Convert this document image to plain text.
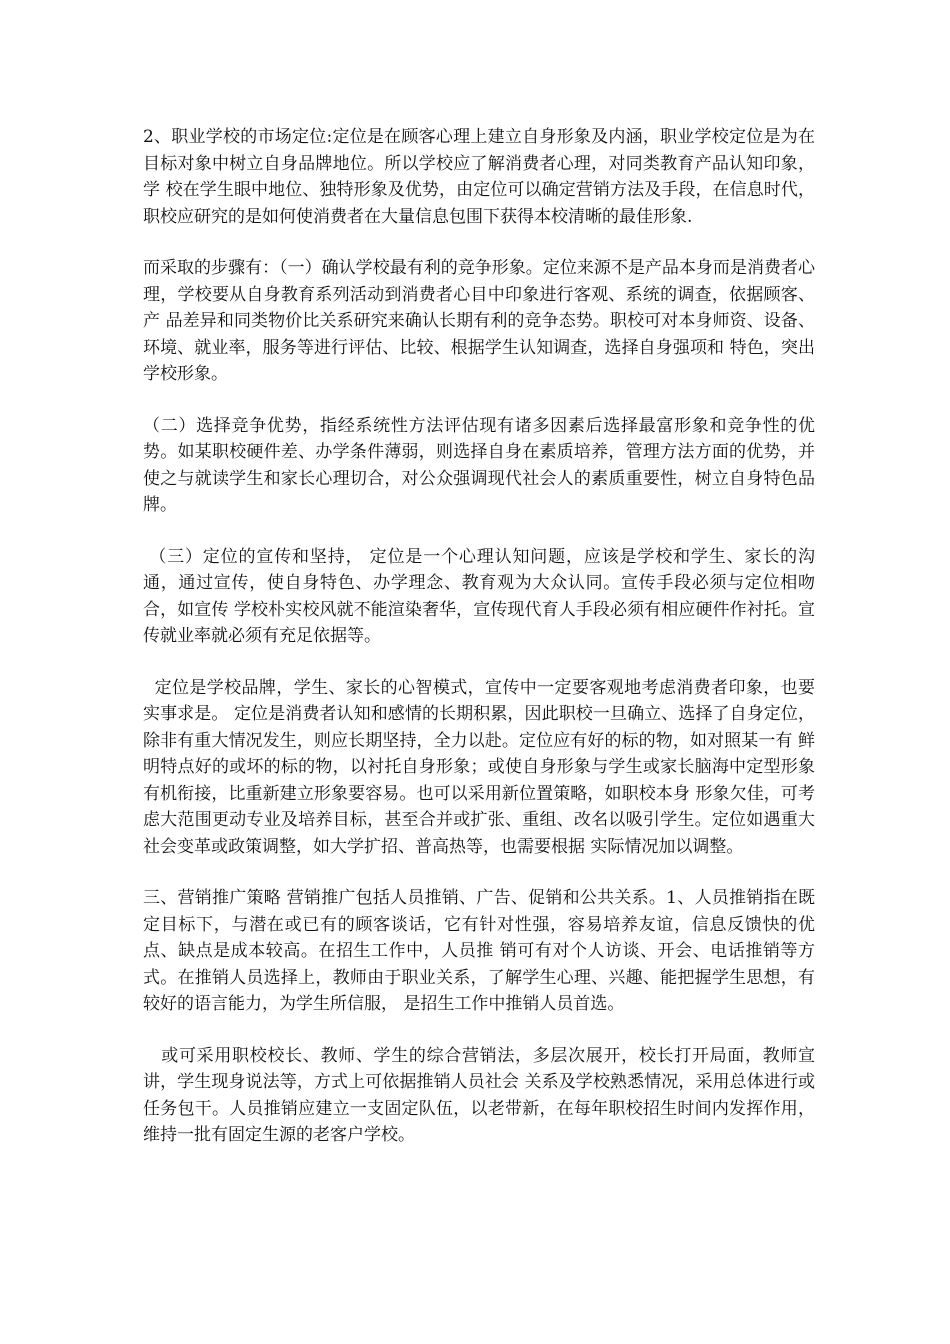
2、职业学校的市场定位:定位是在顾客心理上建立自身形象及内涵，职业学校定位是为在目标对象中树立自身品牌地位。所以学校应了解消费者心理，对同类教育产品认知印象，学 校在学生眼中地位、独特形象及优势，由定位可以确定营销方法及手段，在信息时代，职校应研究的是如何使消费者在大量信息包围下获得本校清晰的最佳形象.

而采取的步骤有：（一）确认学校最有利的竞争形象。定位来源不是产品本身而是消费者心理，学校要从自身教育系列活动到消费者心目中印象进行客观、系统的调查，依据顾客、产 品差异和同类物价比关系研究来确认长期有利的竞争态势。职校可对本身师资、设备、环境、就业率，服务等进行评估、比较、根据学生认知调查，选择自身强项和 特色，突出学校形象。

（二）选择竞争优势，指经系统性方法评估现有诸多因素后选择最富形象和竞争性的优势。如某职校硬件差、办学条件薄弱，则选择自身在素质培养，管理方法方面的优势，并使之与就读学生和家长心理切合，对公众强调现代社会人的素质重要性，树立自身特色品牌。

（三）定位的宣传和坚持， 定位是一个心理认知问题，应该是学校和学生、家长的沟通，通过宣传，使自身特色、办学理念、教育观为大众认同。宣传手段必须与定位相吻合，如宣传 学校朴实校风就不能渲染奢华，宣传现代育人手段必须有相应硬件作衬托。宣传就业率就必须有充足依据等。

定位是学校品牌，学生、家长的心智模式，宣传中一定要客观地考虑消费者印象，也要实事求是。 定位是消费者认知和感情的长期积累，因此职校一旦确立、选择了自身定位，除非有重大情况发生，则应长期坚持，全力以赴。定位应有好的标的物，如对照某一有 鲜明特点好的或坏的标的物，以衬托自身形象；或使自身形象与学生或家长脑海中定型形象有机衔接，比重新建立形象要容易。也可以采用新位置策略，如职校本身 形象欠佳，可考虑大范围更动专业及培养目标，甚至合并或扩张、重组、改名以吸引学生。定位如遇重大社会变革或政策调整，如大学扩招、普高热等，也需要根据 实际情况加以调整。

三、营销推广策略 营销推广包括人员推销、广告、促销和公共关系。1、人员推销指在既定目标下，与潜在或已有的顾客谈话，它有针对性强，容易培养友谊，信息反馈快的优点、缺点是成本较高。在招生工作中，人员推 销可有对个人访谈、开会、电话推销等方式。在推销人员选择上，教师由于职业关系，了解学生心理、兴趣、能把握学生思想，有较好的语言能力，为学生所信服， 是招生工作中推销人员首选。

或可采用职校校长、教师、学生的综合营销法，多层次展开，校长打开局面，教师宣讲，学生现身说法等，方式上可依据推销人员社会 关系及学校熟悉情况，采用总体进行或任务包干。人员推销应建立一支固定队伍，以老带新，在每年职校招生时间内发挥作用，维持一批有固定生源的老客户学校。
